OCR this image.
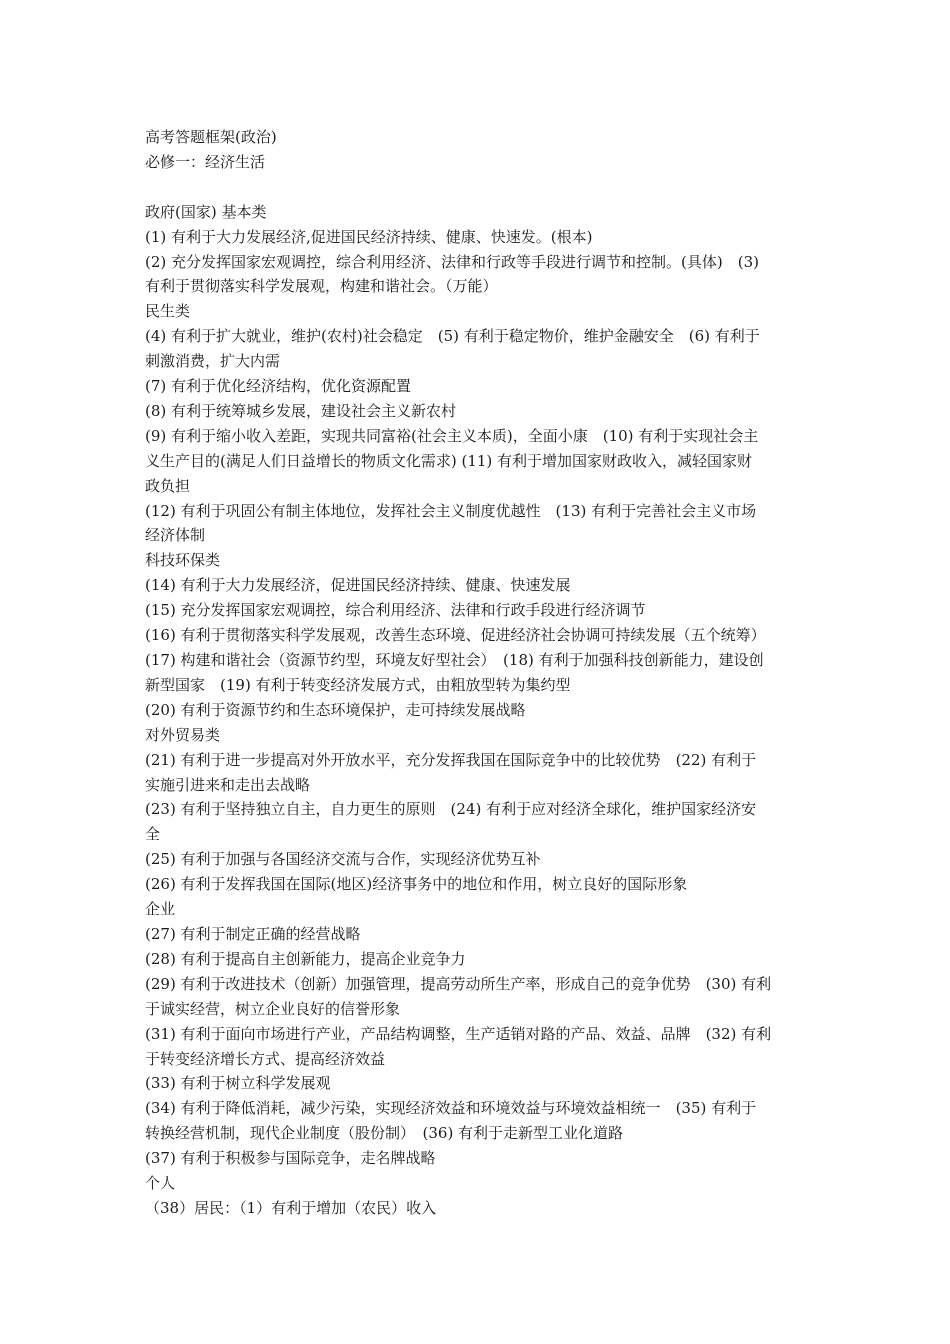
高考答题框架(政治)
必修一：经济生活
政府(国家) 基本类
(1) 有利于大力发展经济,促进国民经济持续、健康、快速发。(根本)
(2) 充分发挥国家宏观调控，综合利用经济、法律和行政等手段进行调节和控制。(具体)　(3)
有利于贯彻落实科学发展观，构建和谐社会。（万能）
民生类
(4) 有利于扩大就业，维护(农村)社会稳定　(5) 有利于稳定物价，维护金融安全　(6) 有利于
刺激消费，扩大内需
(7) 有利于优化经济结构，优化资源配置
(8) 有利于统筹城乡发展，建设社会主义新农村
(9) 有利于缩小收入差距，实现共同富裕(社会主义本质)，全面小康　(10) 有利于实现社会主
义生产目的(满足人们日益增长的物质文化需求) (11) 有利于增加国家财政收入，减轻国家财
政负担
(12) 有利于巩固公有制主体地位，发挥社会主义制度优越性　(13) 有利于完善社会主义市场
经济体制
科技环保类
(14) 有利于大力发展经济，促进国民经济持续、健康、快速发展
(15) 充分发挥国家宏观调控，综合利用经济、法律和行政手段进行经济调节
(16) 有利于贯彻落实科学发展观，改善生态环境、促进经济社会协调可持续发展（五个统筹）
(17) 构建和谐社会（资源节约型，环境友好型社会）　(18) 有利于加强科技创新能力，建设创
新型国家　(19) 有利于转变经济发展方式，由粗放型转为集约型
(20) 有利于资源节约和生态环境保护，走可持续发展战略
对外贸易类
(21) 有利于进一步提高对外开放水平，充分发挥我国在国际竞争中的比较优势　(22) 有利于
实施引进来和走出去战略
(23) 有利于坚持独立自主，自力更生的原则　(24) 有利于应对经济全球化，维护国家经济安
全
(25) 有利于加强与各国经济交流与合作，实现经济优势互补
(26) 有利于发挥我国在国际(地区)经济事务中的地位和作用，树立良好的国际形象
企业
(27) 有利于制定正确的经营战略
(28) 有利于提高自主创新能力，提高企业竞争力
(29) 有利于改进技术（创新）加强管理，提高劳动所生产率，形成自己的竞争优势　(30) 有利
于诚实经营，树立企业良好的信誉形象
(31) 有利于面向市场进行产业，产品结构调整，生产适销对路的产品、效益、品牌　(32) 有利
于转变经济增长方式、提高经济效益
(33) 有利于树立科学发展观
(34) 有利于降低消耗，减少污染，实现经济效益和环境效益与环境效益相统一　(35) 有利于
转换经营机制，现代企业制度（股份制）　(36) 有利于走新型工业化道路
(37) 有利于积极参与国际竞争，走名牌战略
个人
（38）居民：（1）有利于增加（农民）收入
